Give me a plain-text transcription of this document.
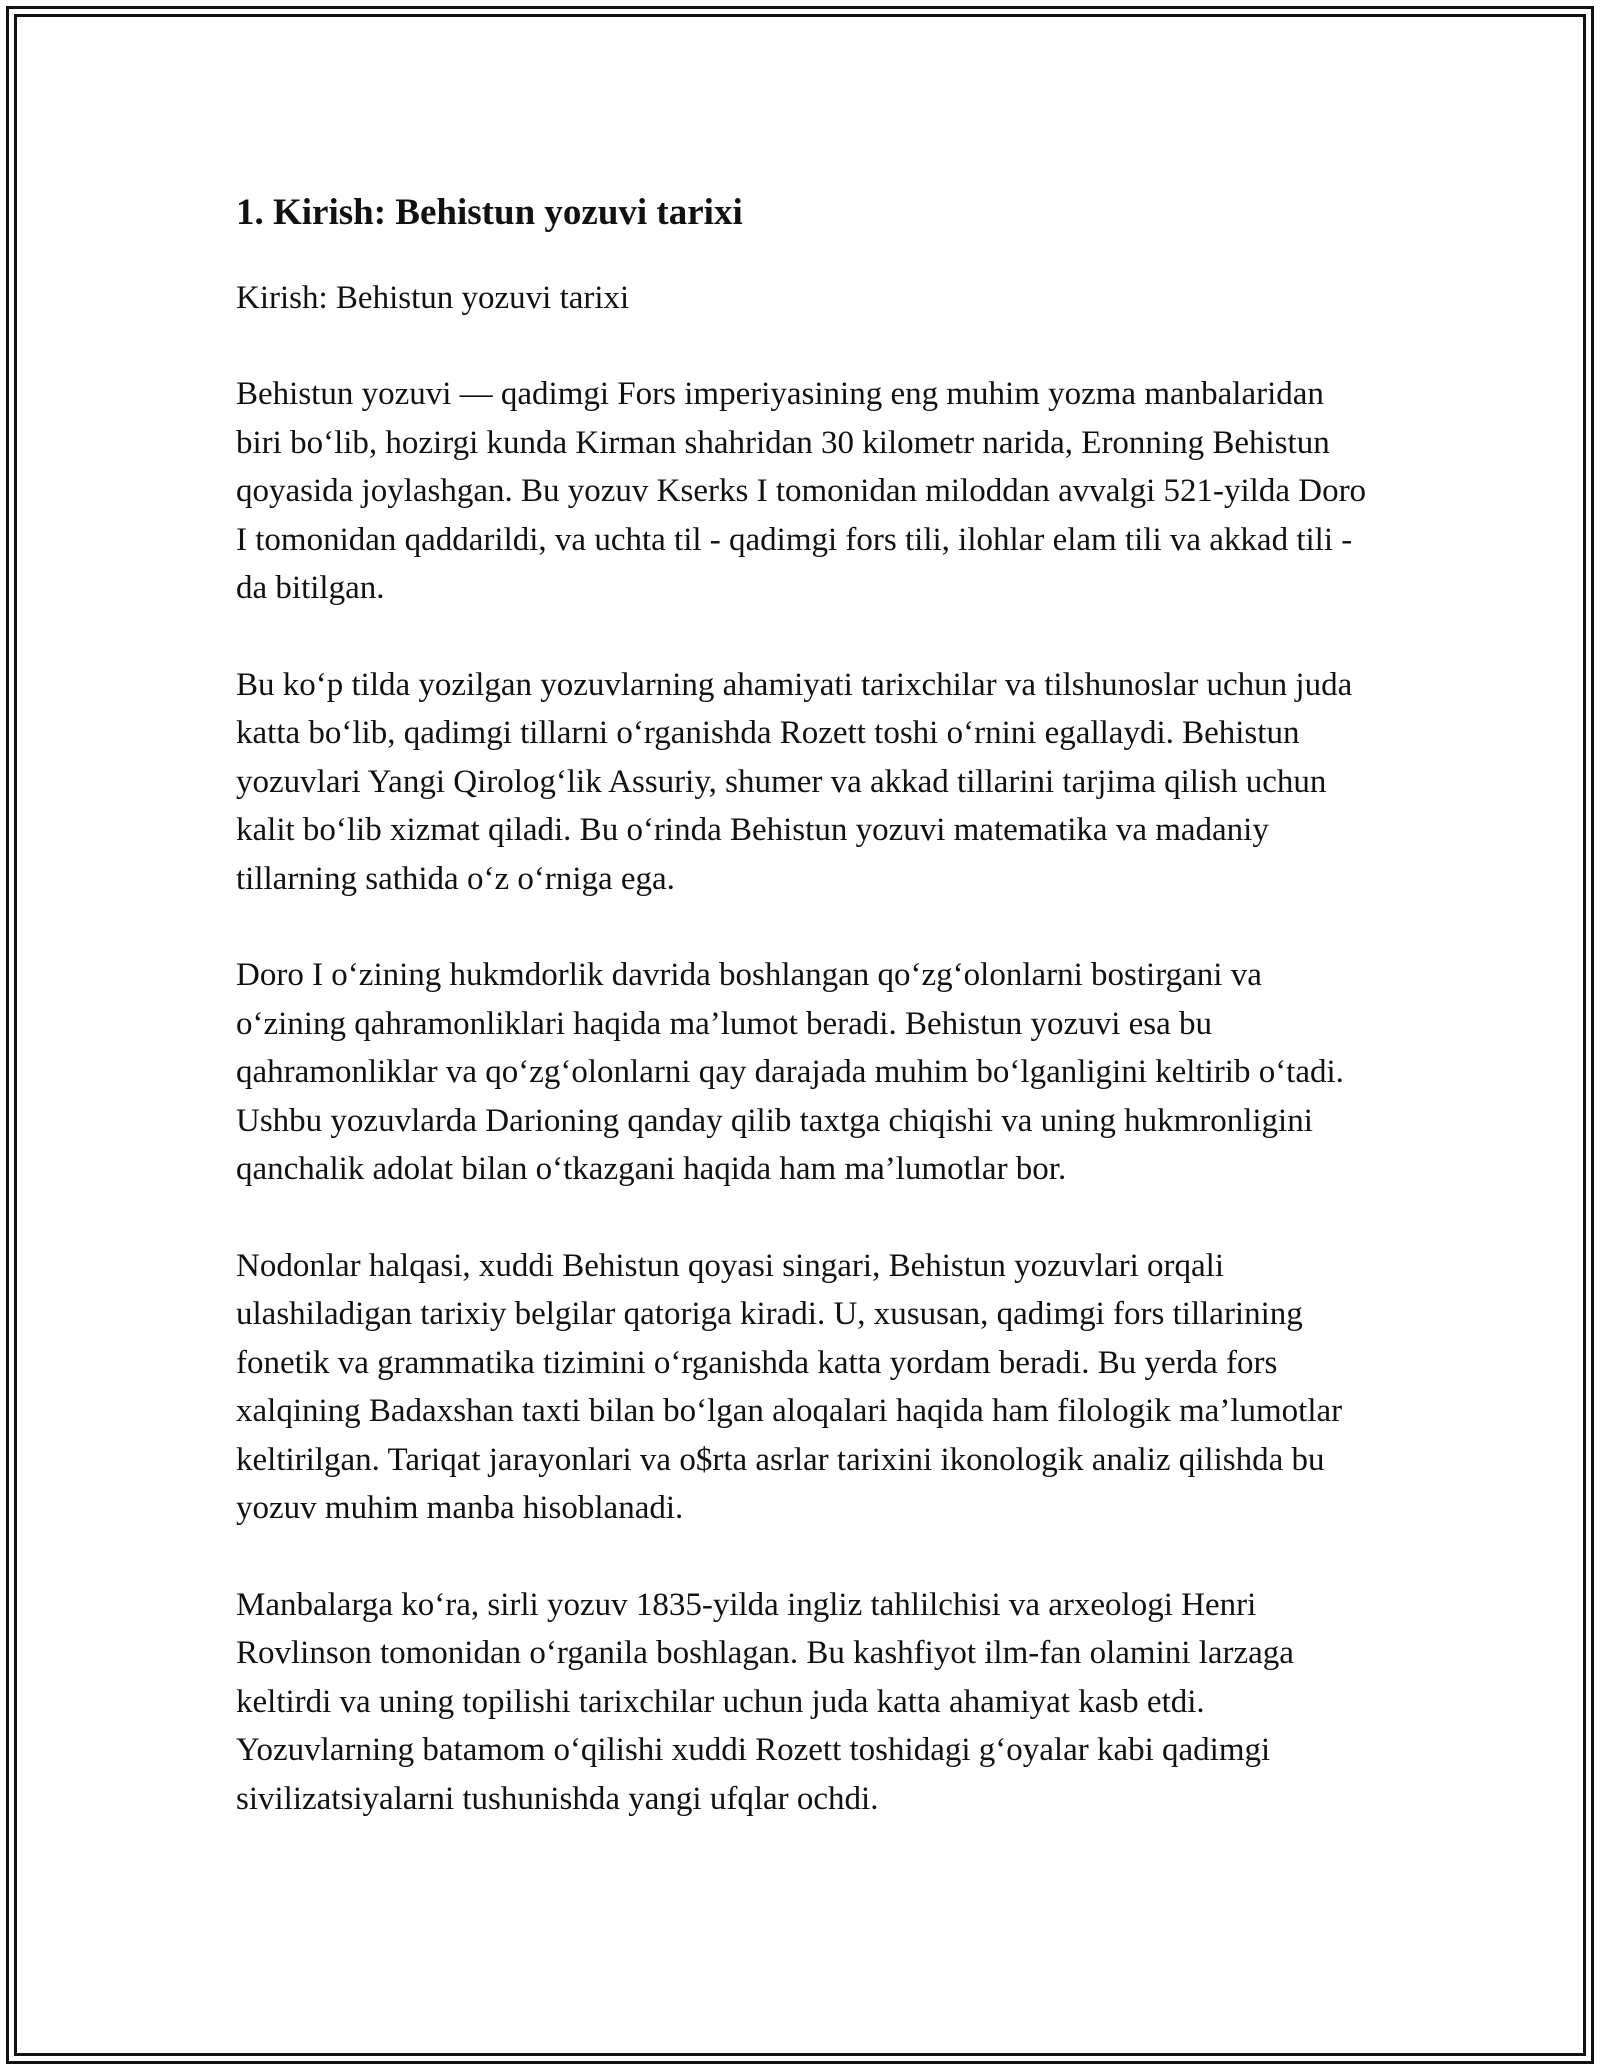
1. Kirish: Behistun yozuvi tarixi
Kirish: Behistun yozuvi tarixi

Behistun yozuvi — qadimgi Fors imperiyasining eng muhim yozma manbalaridan biri bo‘lib, hozirgi kunda Kirman shahridan 30 kilometr narida, Eronning Behistun qoyasida joylashgan. Bu yozuv Kserks I tomonidan miloddan avvalgi 521-yilda Doro I tomonidan qaddarildi, va uchta til - qadimgi fors tili, ilohlar elam tili va akkad tili -da bitilgan.

Bu ko‘p tilda yozilgan yozuvlarning ahamiyati tarixchilar va tilshunoslar uchun juda katta bo‘lib, qadimgi tillarni o‘rganishda Rozett toshi o‘rnini egallaydi. Behistun yozuvlari Yangi Qirolog‘lik Assuriy, shumer va akkad tillarini tarjima qilish uchun kalit bo‘lib xizmat qiladi. Bu o‘rinda Behistun yozuvi matematika va madaniy tillarning sathida o‘z o‘rniga ega.

Doro I o‘zining hukmdorlik davrida boshlangan qo‘zg‘olonlarni bostirgani va o‘zining qahramonliklari haqida ma’lumot beradi. Behistun yozuvi esa bu qahramonliklar va qo‘zg‘olonlarni qay darajada muhim bo‘lganligini keltirib o‘tadi. Ushbu yozuvlarda Darioning qanday qilib taxtga chiqishi va uning hukmronligini qanchalik adolat bilan o‘tkazgani haqida ham ma’lumotlar bor.

Nodonlar halqasi, xuddi Behistun qoyasi singari, Behistun yozuvlari orqali ulashiladigan tarixiy belgilar qatoriga kiradi. U, xususan, qadimgi fors tillarining fonetik va grammatika tizimini o‘rganishda katta yordam beradi. Bu yerda fors xalqining Badaxshan taxti bilan bo‘lgan aloqalari haqida ham filologik ma’lumotlar keltirilgan. Tariqat jarayonlari va o$rta asrlar tarixini ikonologik analiz qilishda bu yozuv muhim manba hisoblanadi.

Manbalarga ko‘ra, sirli yozuv 1835-yilda ingliz tahlilchisi va arxeologi Henri Rovlinson tomonidan o‘rganila boshlagan. Bu kashfiyot ilm-fan olamini larzaga keltirdi va uning topilishi tarixchilar uchun juda katta ahamiyat kasb etdi. Yozuvlarning batamom o‘qilishi xuddi Rozett toshidagi g‘oyalar kabi qadimgi sivilizatsiyalarni tushunishda yangi ufqlar ochdi.
